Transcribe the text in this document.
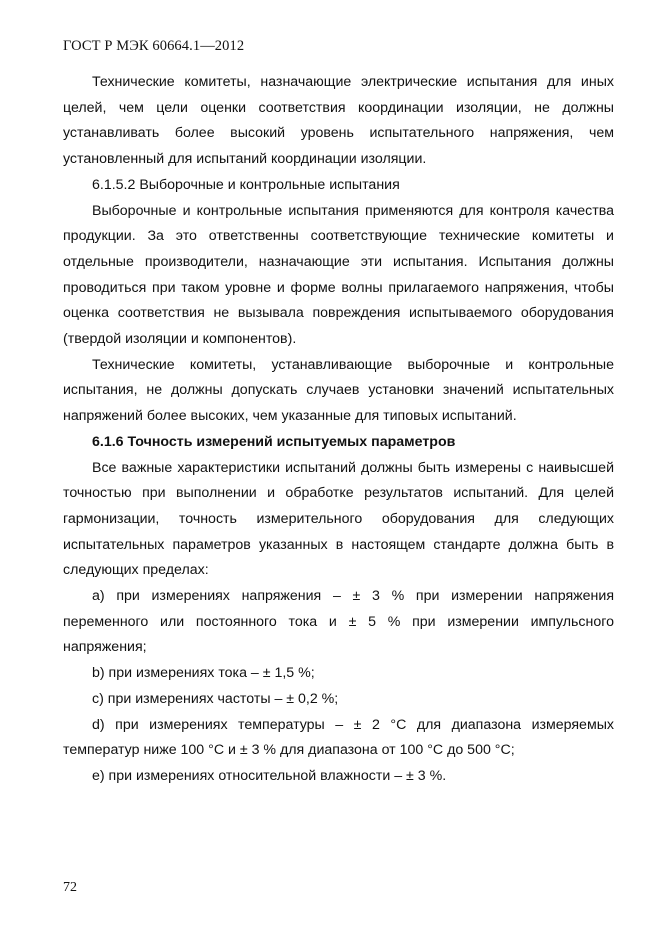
ГОСТ Р МЭК 60664.1—2012

Технические комитеты, назначающие электрические испытания для иных целей, чем цели оценки соответствия координации изоляции, не должны устанавливать более высокий уровень испытательного напряжения, чем установленный для испытаний координации изоляции.

6.1.5.2 Выборочные и контрольные испытания

Выборочные и контрольные испытания применяются для контроля качества продукции. За это ответственны соответствующие технические комитеты и отдельные производители, назначающие эти испытания. Испытания должны проводиться при таком уровне и форме волны прилагаемого напряжения, чтобы оценка соответствия не вызывала повреждения испытываемого оборудования (твердой изоляции и компонентов).

Технические комитеты, устанавливающие выборочные и контрольные испытания, не должны допускать случаев установки значений испытательных напряжений более высоких, чем указанные для типовых испытаний.

6.1.6 Точность измерений испытуемых параметров

Все важные характеристики испытаний должны быть измерены с наивысшей точностью при выполнении и обработке результатов испытаний. Для целей гармонизации, точность измерительного оборудования для следующих испытательных параметров указанных в настоящем стандарте должна быть в следующих пределах:

а) при измерениях напряжения – ± 3 % при измерении напряжения переменного или постоянного тока и ± 5 % при измерении импульсного напряжения;

b) при измерениях тока – ± 1,5 %;

с) при измерениях частоты – ± 0,2 %;

d) при измерениях температуры – ± 2 °С для диапазона измеряемых температур ниже 100 °С и ± 3 % для диапазона от 100 °С до 500 °С;

е) при измерениях относительной влажности – ± 3 %.

72
